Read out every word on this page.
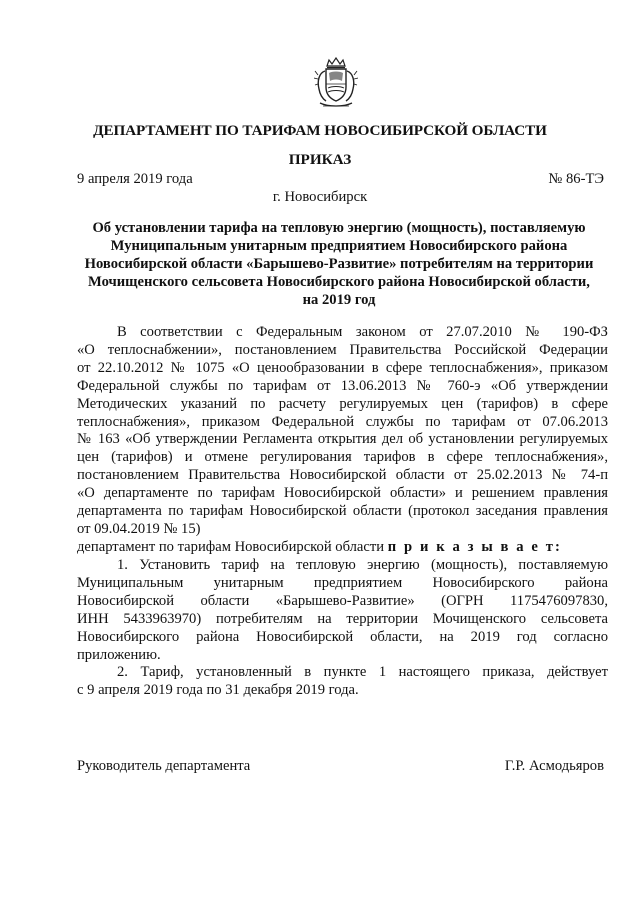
ДЕПАРТАМЕНТ ПО ТАРИФАМ НОВОСИБИРСКОЙ ОБЛАСТИ
ПРИКАЗ
9 апреля 2019 года	№ 86-ТЭ
г. Новосибирск
Об установлении тарифа на тепловую энергию (мощность), поставляемую
Муниципальным унитарным предприятием Новосибирского района
Новосибирской области «Барышево-Развитие» потребителям на территории
Мочищенского сельсовета Новосибирского района Новосибирской области,
на 2019 год
В соответствии с Федеральным законом от 27.07.2010 № 190-ФЗ
«О теплоснабжении», постановлением Правительства Российской Федерации
от 22.10.2012 № 1075 «О ценообразовании в сфере теплоснабжения», приказом
Федеральной службы по тарифам от 13.06.2013 № 760-э «Об утверждении
Методических указаний по расчету регулируемых цен (тарифов) в сфере
теплоснабжения», приказом Федеральной службы по тарифам от 07.06.2013
№ 163 «Об утверждении Регламента открытия дел об установлении регулируемых
цен (тарифов) и отмене регулирования тарифов в сфере теплоснабжения»,
постановлением Правительства Новосибирской области от 25.02.2013 № 74-п
«О департаменте по тарифам Новосибирской области» и решением правления
департамента по тарифам Новосибирской области (протокол заседания правления
от 09.04.2019 № 15)
департамент по тарифам Новосибирской области п р и к а з ы в а е т:
1. Установить тариф на тепловую энергию (мощность), поставляемую
Муниципальным унитарным предприятием Новосибирского района
Новосибирской области «Барышево-Развитие» (ОГРН 1175476097830,
ИНН 5433963970) потребителям на территории Мочищенского сельсовета
Новосибирского района Новосибирской области, на 2019 год согласно
приложению.
2. Тариф, установленный в пункте 1 настоящего приказа, действует
с 9 апреля 2019 года по 31 декабря 2019 года.
Руководитель департамента	Г.Р. Асмодьяров
